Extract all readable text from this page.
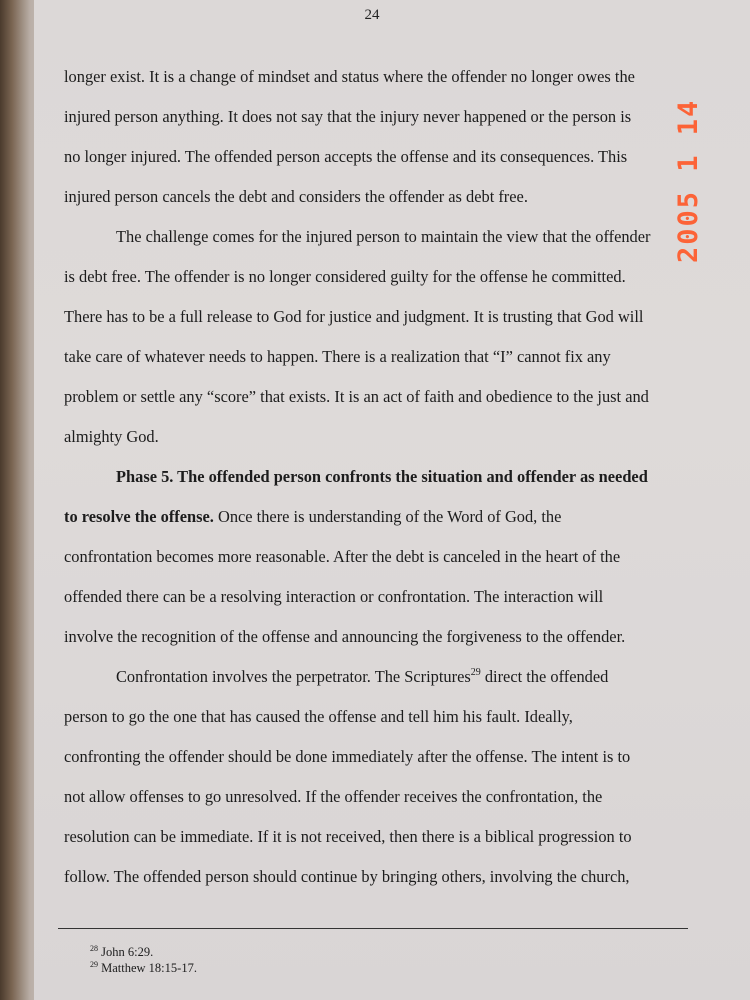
24
longer exist. It is a change of mindset and status where the offender no longer owes the
injured person anything. It does not say that the injury never happened or the person is
no longer injured. The offended person accepts the offense and its consequences. This
injured person cancels the debt and considers the offender as debt free.
The challenge comes for the injured person to maintain the view that the offender
is debt free. The offender is no longer considered guilty for the offense he committed.
There has to be a full release to God for justice and judgment. It is trusting that God will
take care of whatever needs to happen. There is a realization that “I” cannot fix any
problem or settle any “score” that exists. It is an act of faith and obedience to the just and
almighty God.
Phase 5. The offended person confronts the situation and offender as needed
to resolve the offense. Once there is understanding of the Word of God, the
confrontation becomes more reasonable. After the debt is canceled in the heart of the
offended there can be a resolving interaction or confrontation. The interaction will
involve the recognition of the offense and announcing the forgiveness to the offender.
Confrontation involves the perpetrator. The Scriptures$^{29}$ direct the offended
person to go the one that has caused the offense and tell him his fault. Ideally,
confronting the offender should be done immediately after the offense. The intent is to
not allow offenses to go unresolved. If the offender receives the confrontation, the
resolution can be immediate. If it is not received, then there is a biblical progression to
follow. The offended person should continue by bringing others, involving the church,
$^{28}$ John 6:29.
$^{29}$ Matthew 18:15-17.
2005 1 14
